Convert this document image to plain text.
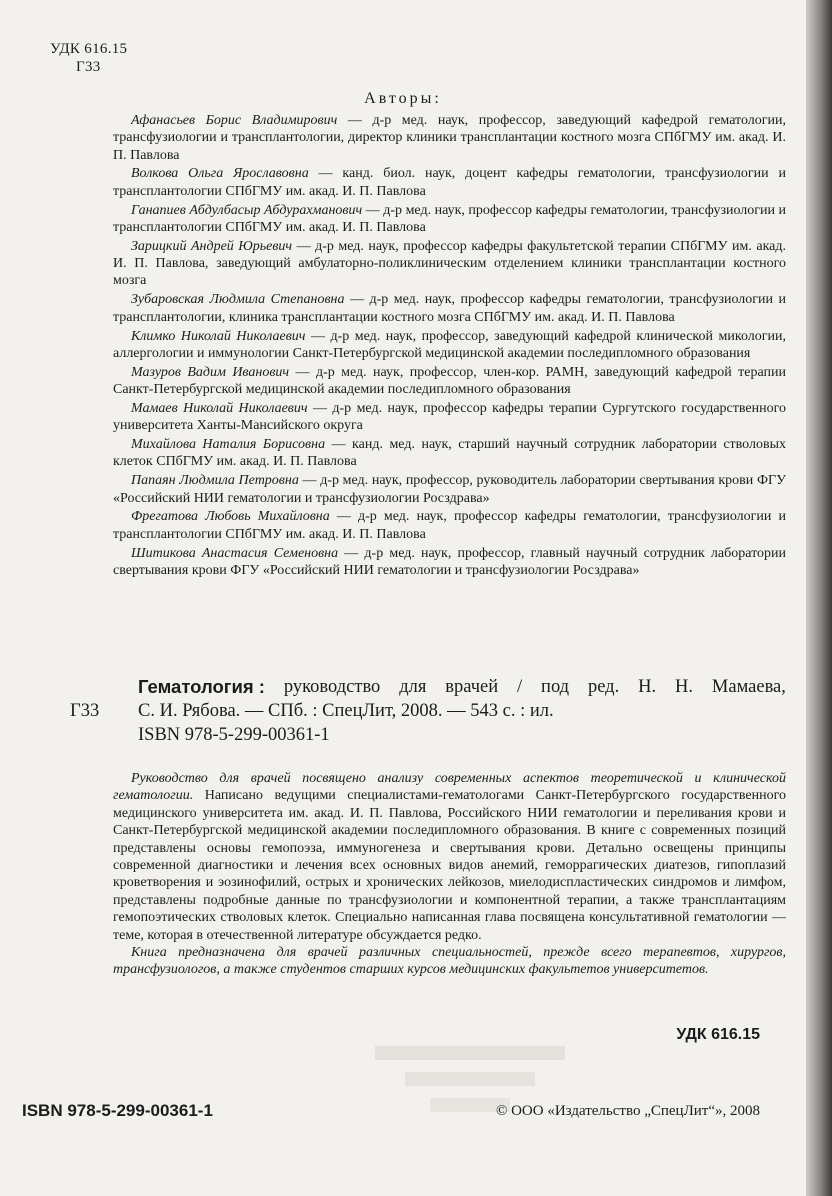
УДК 616.15
Г33
Авторы:

Афанасьев Борис Владимирович — д-р мед. наук, профессор, заведующий кафедрой гематологии, трансфузиологии и трансплантологии, директор клиники трансплантации костного мозга СПбГМУ им. акад. И. П. Павлова

Волкова Ольга Ярославовна — канд. биол. наук, доцент кафедры гематологии, трансфузиологии и трансплантологии СПбГМУ им. акад. И. П. Павлова

Ганапиев Абдулбасыр Абдурахманович — д-р мед. наук, профессор кафедры гематологии, трансфузиологии и трансплантологии СПбГМУ им. акад. И. П. Павлова

Зарицкий Андрей Юрьевич — д-р мед. наук, профессор кафедры факультетской терапии СПбГМУ им. акад. И. П. Павлова, заведующий амбулаторно-поликлиническим отделением клиники трансплантации костного мозга

Зубаровская Людмила Степановна — д-р мед. наук, профессор кафедры гематологии, трансфузиологии и трансплантологии, клиника трансплантации костного мозга СПбГМУ им. акад. И. П. Павлова

Климко Николай Николаевич — д-р мед. наук, профессор, заведующий кафедрой клинической микологии, аллергологии и иммунологии Санкт-Петербургской медицинской академии последипломного образования

Мазуров Вадим Иванович — д-р мед. наук, профессор, член-кор. РАМН, заведующий кафедрой терапии Санкт-Петербургской медицинской академии последипломного образования

Мамаев Николай Николаевич — д-р мед. наук, профессор кафедры терапии Сургутского государственного университета Ханты-Мансийского округа

Михайлова Наталия Борисовна — канд. мед. наук, старший научный сотрудник лаборатории стволовых клеток СПбГМУ им. акад. И. П. Павлова

Папаян Людмила Петровна — д-р мед. наук, профессор, руководитель лаборатории свертывания крови ФГУ «Российский НИИ гематологии и трансфузиологии Росздрава»

Фрегатова Любовь Михайловна — д-р мед. наук, профессор кафедры гематологии, трансфузиологии и трансплантологии СПбГМУ им. акад. И. П. Павлова

Шитикова Анастасия Семеновна — д-р мед. наук, профессор, главный научный сотрудник лаборатории свертывания крови ФГУ «Российский НИИ гематологии и трансфузиологии Росздрава»

Гематология : руководство для врачей / под ред. Н. Н. Мамаева,
Г33 С. И. Рябова. — СПб. : СпецЛит, 2008. — 543 с. : ил.
ISBN 978-5-299-00361-1

Руководство для врачей посвящено анализу современных аспектов теоретической и клинической гематологии. Написано ведущими специалистами-гематологами Санкт-Петербургского государственного медицинского университета им. акад. И. П. Павлова, Российского НИИ гематологии и переливания крови и Санкт-Петербургской медицинской академии последипломного образования. В книге с современных позиций представлены основы гемопоэза, иммуногенеза и свертывания крови. Детально освещены принципы современной диагностики и лечения всех основных видов анемий, геморрагических диатезов, гипоплазий кроветворения и эозинофилий, острых и хронических лейкозов, миелодиспластических синдромов и лимфом, представлены подробные данные по трансфузиологии и компонентной терапии, а также трансплантациям гемопоэтических стволовых клеток. Специально написанная глава посвящена консультативной гематологии — теме, которая в отечественной литературе обсуждается редко.

Книга предназначена для врачей различных специальностей, прежде всего терапевтов, хирургов, трансфузиологов, а также студентов старших курсов медицинских факультетов университетов.

УДК 616.15
ISBN 978-5-299-00361-1	© ООО «Издательство „СпецЛит“», 2008
